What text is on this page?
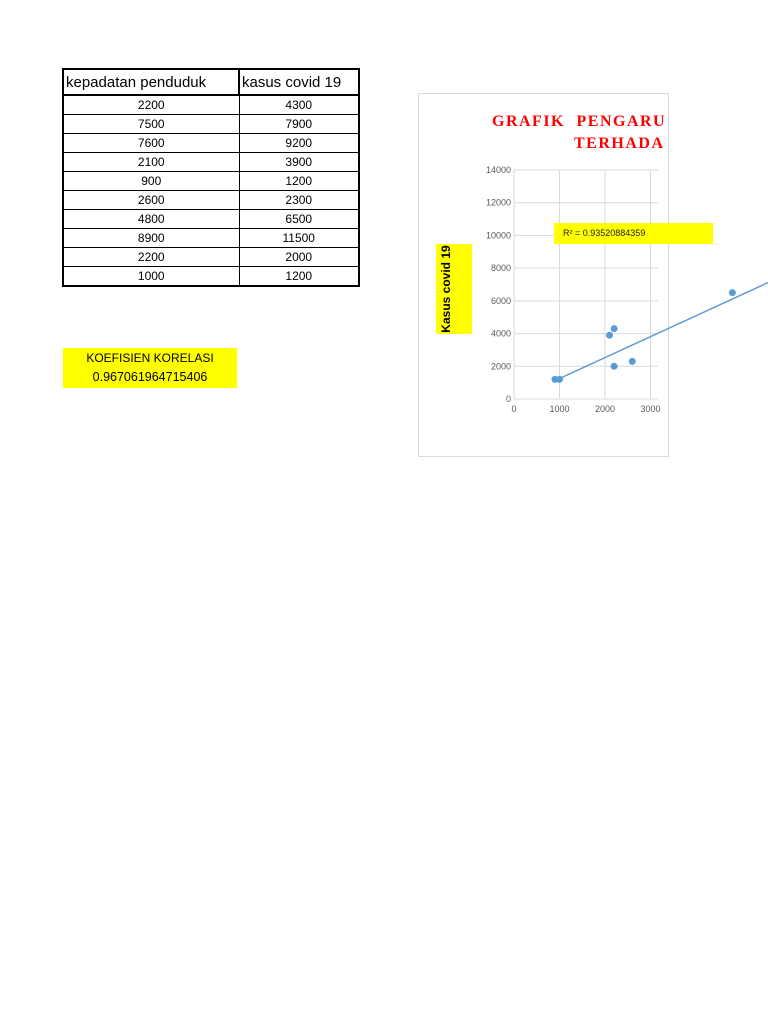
kepadatan penduduk	kasus covid 19
2200	4300
7500	7900
7600	9200
2100	3900
900	1200
2600	2300
4800	6500
8900	11500
2200	2000
1000	1200
KOEFISIEN KORELASI
0.967061964715406
0
2000
4000
6000
8000
10000
12000
14000
0	1000	2000	3000
GRAFIK PENGARU
TERHADA
Kasus covid 19
R² = 0.93520884359
